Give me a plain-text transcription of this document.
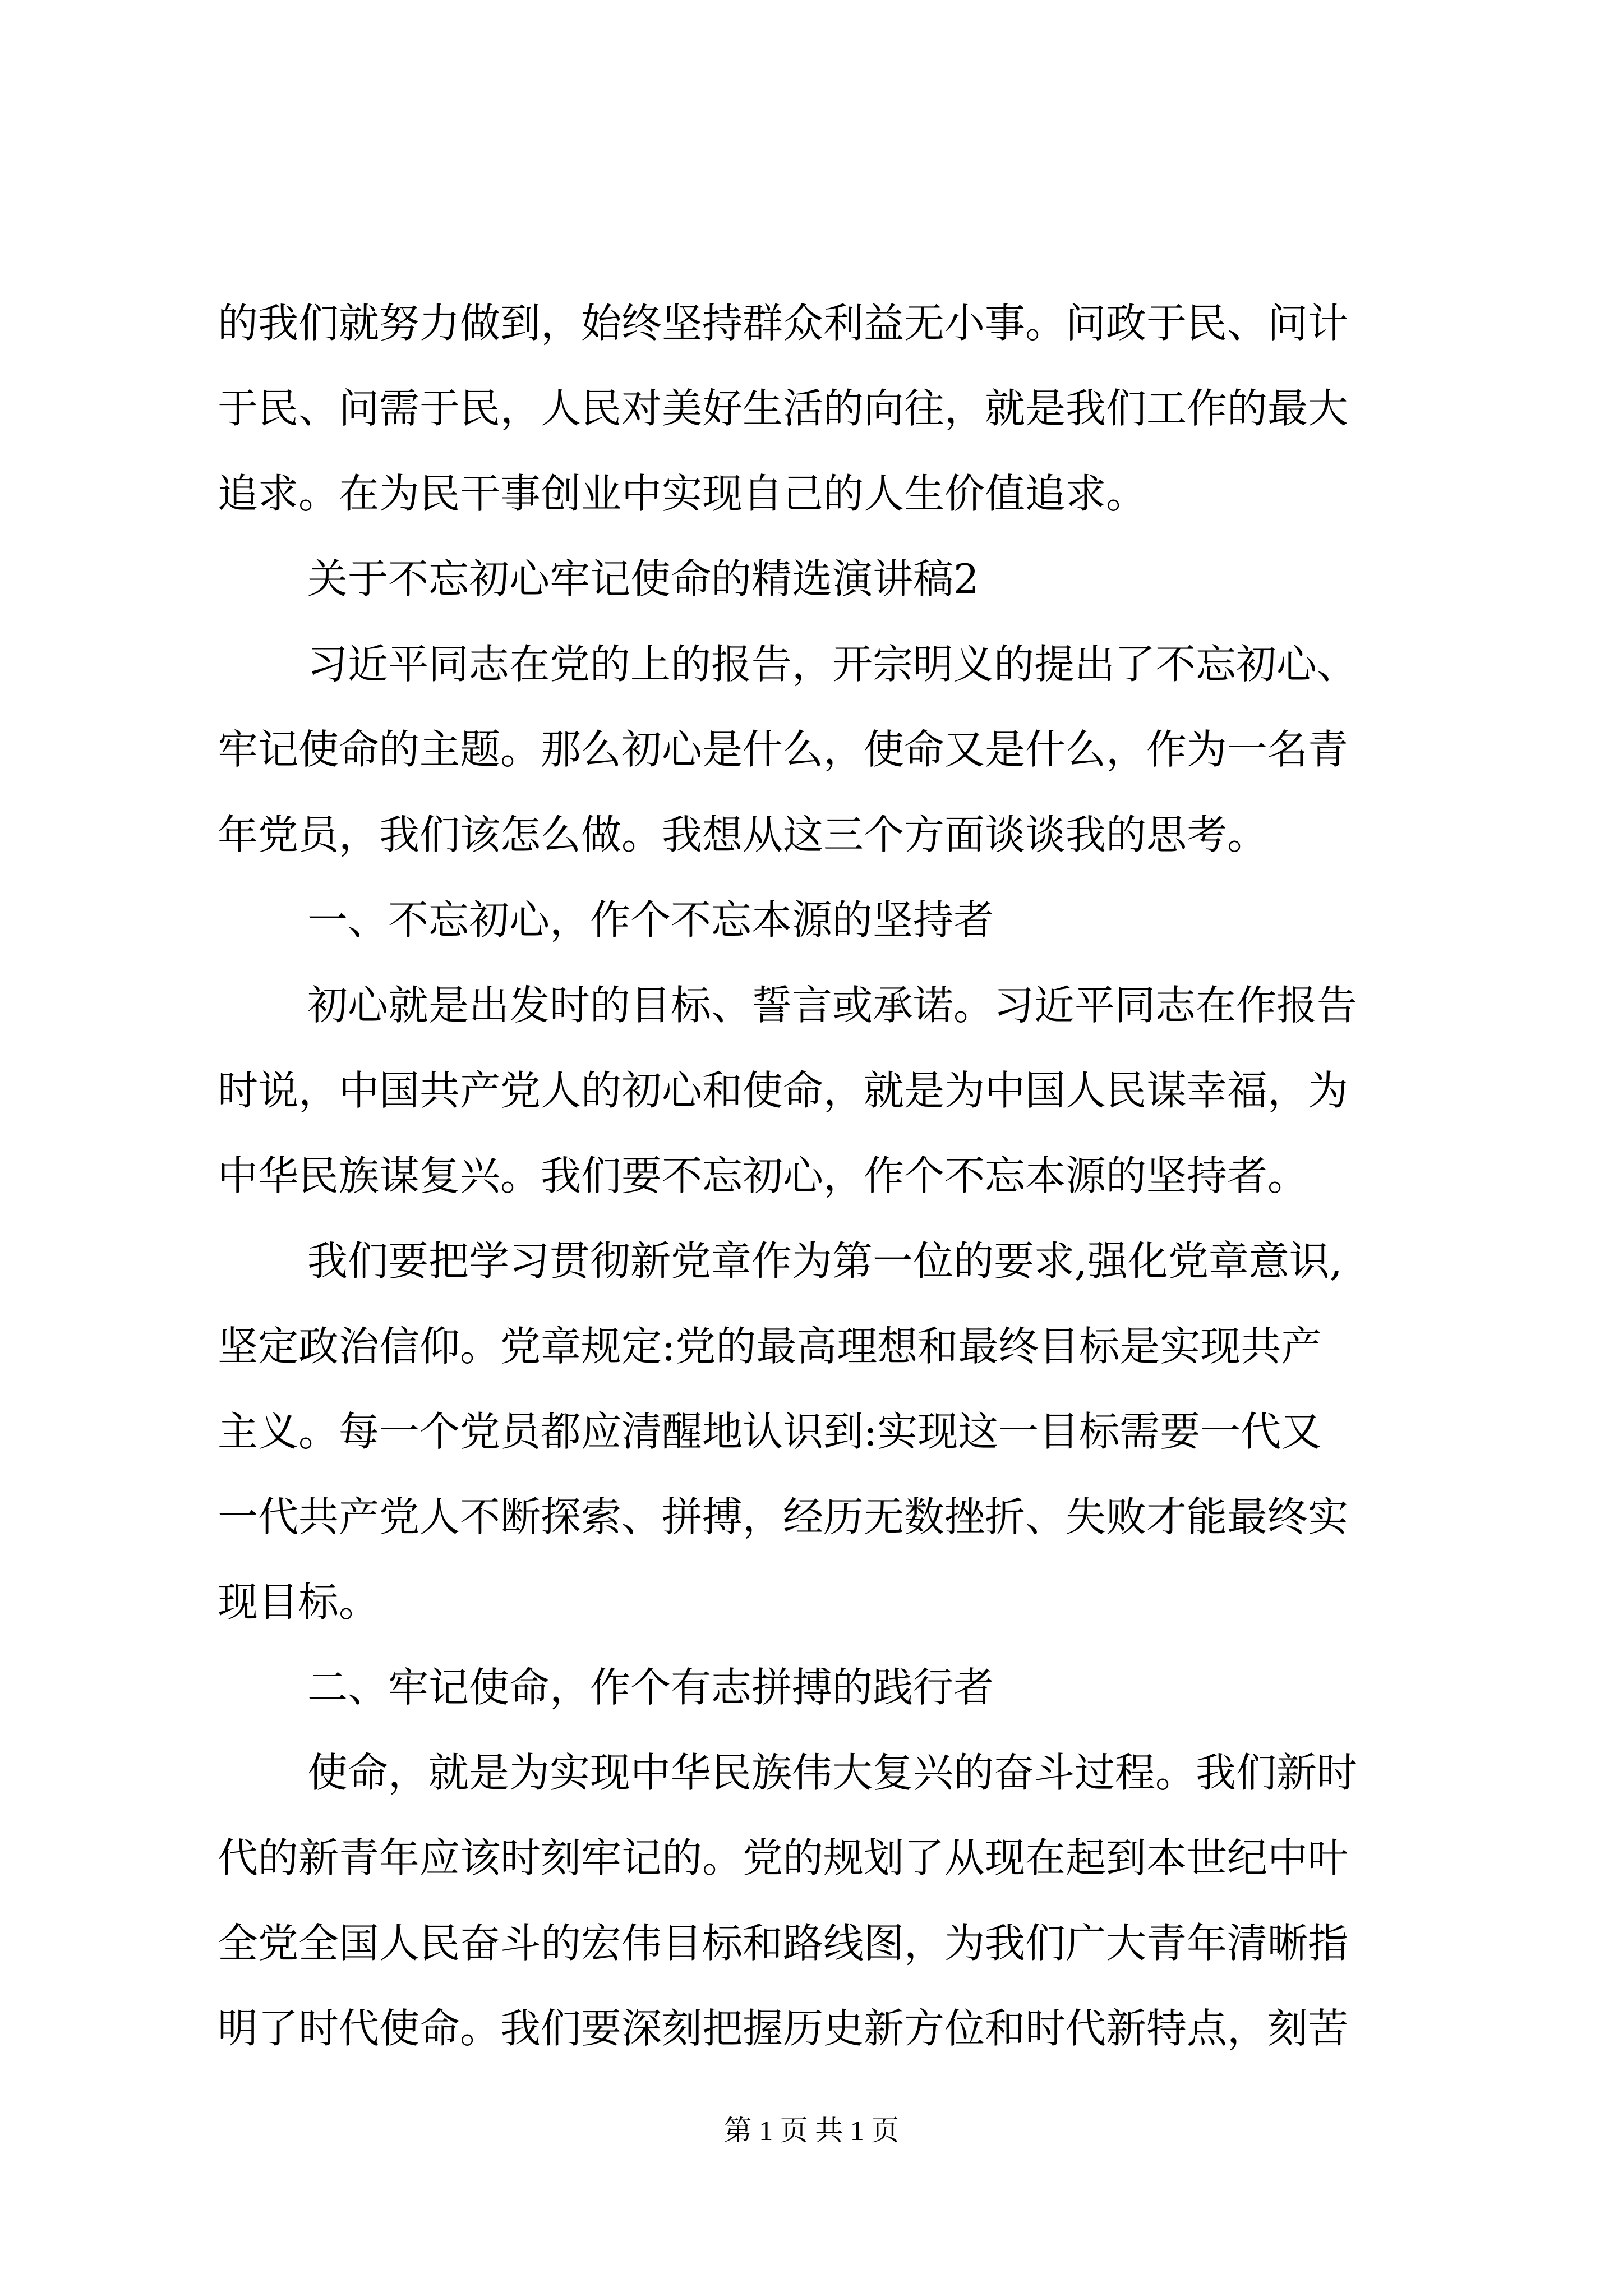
的我们就努力做到，始终坚持群众利益无小事。问政于民、问计
于民、问需于民，人民对美好生活的向往，就是我们工作的最大
追求。在为民干事创业中实现自己的人生价值追求。
关于不忘初心牢记使命的精选演讲稿2
习近平同志在党的上的报告，开宗明义的提出了不忘初心、
牢记使命的主题。那么初心是什么，使命又是什么，作为一名青
年党员，我们该怎么做。我想从这三个方面谈谈我的思考。
一、不忘初心，作个不忘本源的坚持者
初心就是出发时的目标、誓言或承诺。习近平同志在作报告
时说，中国共产党人的初心和使命，就是为中国人民谋幸福，为
中华民族谋复兴。我们要不忘初心，作个不忘本源的坚持者。
我们要把学习贯彻新党章作为第一位的要求,强化党章意识,
坚定政治信仰。党章规定:党的最高理想和最终目标是实现共产
主义。每一个党员都应清醒地认识到:实现这一目标需要一代又
一代共产党人不断探索、拼搏，经历无数挫折、失败才能最终实
现目标。
二、牢记使命，作个有志拼搏的践行者
使命，就是为实现中华民族伟大复兴的奋斗过程。我们新时
代的新青年应该时刻牢记的。党的规划了从现在起到本世纪中叶
全党全国人民奋斗的宏伟目标和路线图，为我们广大青年清晰指
明了时代使命。我们要深刻把握历史新方位和时代新特点，刻苦
第 1 页 共 1 页
